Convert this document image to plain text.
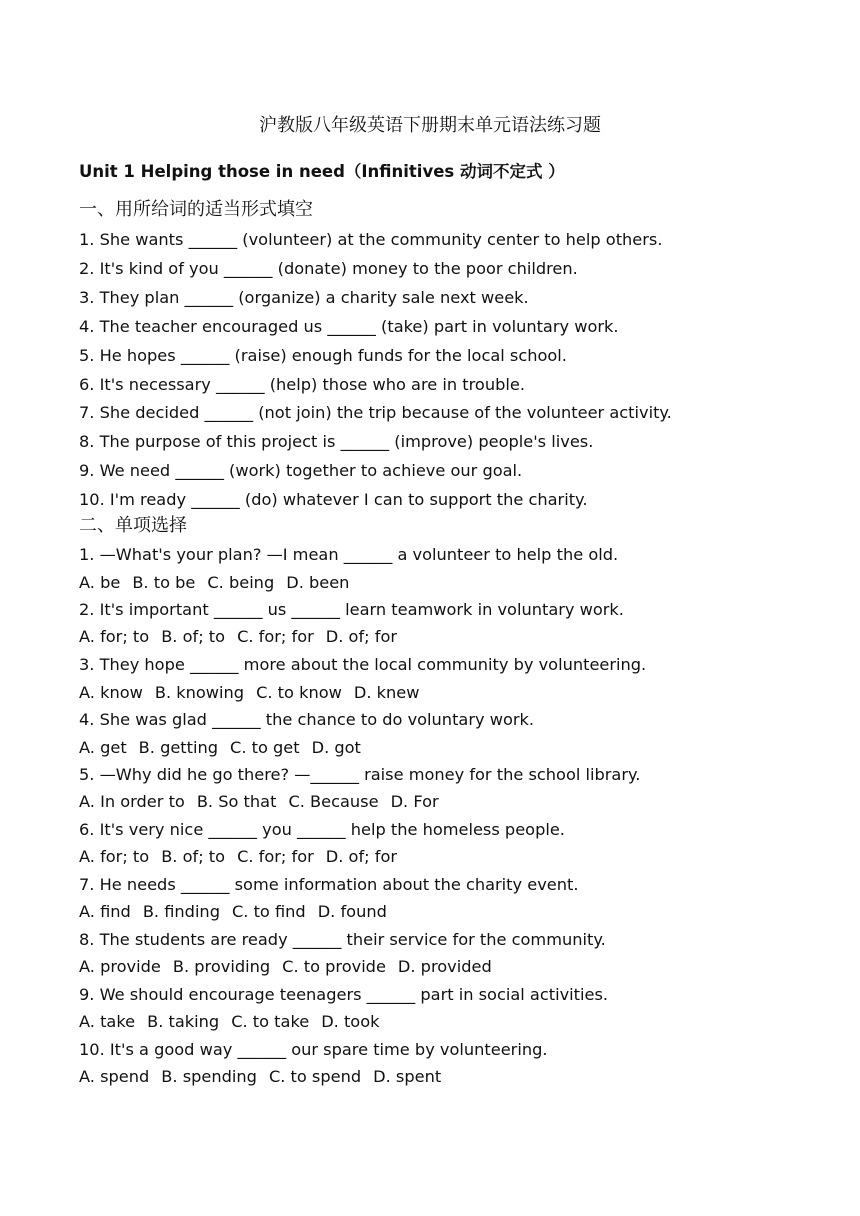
沪教版八年级英语下册期末单元语法练习题
Unit 1 Helping those in need（Infinitives 动词不定式 ）
一、用所给词的适当形式填空
1. She wants ______ (volunteer) at the community center to help others.
2. It's kind of you ______ (donate) money to the poor children.
3. They plan ______ (organize) a charity sale next week.
4. The teacher encouraged us ______ (take) part in voluntary work.
5. He hopes ______ (raise) enough funds for the local school.
6. It's necessary ______ (help) those who are in trouble.
7. She decided ______ (not join) the trip because of the volunteer activity.
8. The purpose of this project is ______ (improve) people's lives.
9. We need ______ (work) together to achieve our goal.
10. I'm ready ______ (do) whatever I can to support the charity.
二、单项选择
1. —What's your plan? —I mean ______ a volunteer to help the old.
A. be B. to be C. being D. been
2. It's important ______ us ______ learn teamwork in voluntary work.
A. for; to B. of; to C. for; for D. of; for
3. They hope ______ more about the local community by volunteering.
A. know B. knowing C. to know D. knew
4. She was glad ______ the chance to do voluntary work.
A. get B. getting C. to get D. got
5. —Why did he go there? —______ raise money for the school library.
A. In order to B. So that C. Because D. For
6. It's very nice ______ you ______ help the homeless people.
A. for; to B. of; to C. for; for D. of; for
7. He needs ______ some information about the charity event.
A. find B. finding C. to find D. found
8. The students are ready ______ their service for the community.
A. provide B. providing C. to provide D. provided
9. We should encourage teenagers ______ part in social activities.
A. take B. taking C. to take D. took
10. It's a good way ______ our spare time by volunteering.
A. spend B. spending C. to spend D. spent
